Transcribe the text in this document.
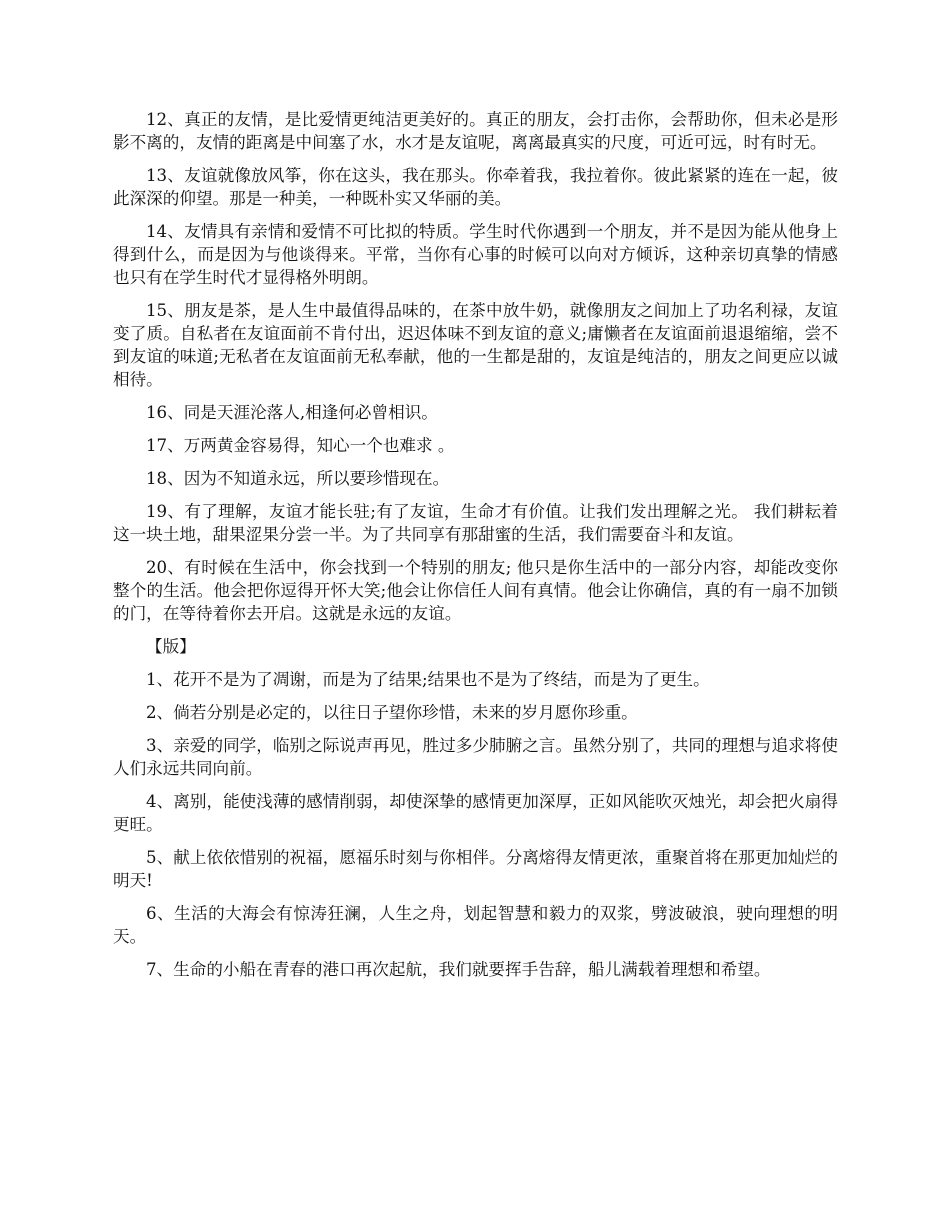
12、真正的友情，是比爱情更纯洁更美好的。真正的朋友，会打击你，会帮助你，但未必是形影不离的，友情的距离是中间塞了水，水才是友谊呢，离离最真实的尺度，可近可远，时有时无。

13、友谊就像放风筝，你在这头，我在那头。你牵着我，我拉着你。彼此紧紧的连在一起，彼此深深的仰望。那是一种美，一种既朴实又华丽的美。

14、友情具有亲情和爱情不可比拟的特质。学生时代你遇到一个朋友，并不是因为能从他身上得到什么，而是因为与他谈得来。平常，当你有心事的时候可以向对方倾诉，这种亲切真挚的情感也只有在学生时代才显得格外明朗。

15、朋友是茶，是人生中最值得品味的，在茶中放牛奶，就像朋友之间加上了功名利禄，友谊变了质。自私者在友谊面前不肯付出，迟迟体味不到友谊的意义;庸懒者在友谊面前退退缩缩，尝不到友谊的味道;无私者在友谊面前无私奉献，他的一生都是甜的，友谊是纯洁的，朋友之间更应以诚相待。

16、同是天涯沦落人,相逢何必曾相识。

17、万两黄金容易得，知心一个也难求 。

18、因为不知道永远，所以要珍惜现在。

19、有了理解，友谊才能长驻;有了友谊，生命才有价值。让我们发出理解之光。 我们耕耘着这一块土地，甜果涩果分尝一半。为了共同享有那甜蜜的生活，我们需要奋斗和友谊。

20、有时候在生活中，你会找到一个特别的朋友; 他只是你生活中的一部分内容，却能改变你整个的生活。他会把你逗得开怀大笑;他会让你信任人间有真情。他会让你确信，真的有一扇不加锁的门，在等待着你去开启。这就是永远的友谊。

【版】

1、花开不是为了凋谢，而是为了结果;结果也不是为了终结，而是为了更生。

2、倘若分别是必定的，以往日子望你珍惜，未来的岁月愿你珍重。

3、亲爱的同学，临别之际说声再见，胜过多少肺腑之言。虽然分别了，共同的理想与追求将使人们永远共同向前。

4、离别，能使浅薄的感情削弱，却使深挚的感情更加深厚，正如风能吹灭烛光，却会把火扇得更旺。

5、献上依依惜别的祝福，愿福乐时刻与你相伴。分离熔得友情更浓，重聚首将在那更加灿烂的明天!

6、生活的大海会有惊涛狂澜，人生之舟，划起智慧和毅力的双浆，劈波破浪，驶向理想的明天。

7、生命的小船在青春的港口再次起航，我们就要挥手告辞，船儿满载着理想和希望。
